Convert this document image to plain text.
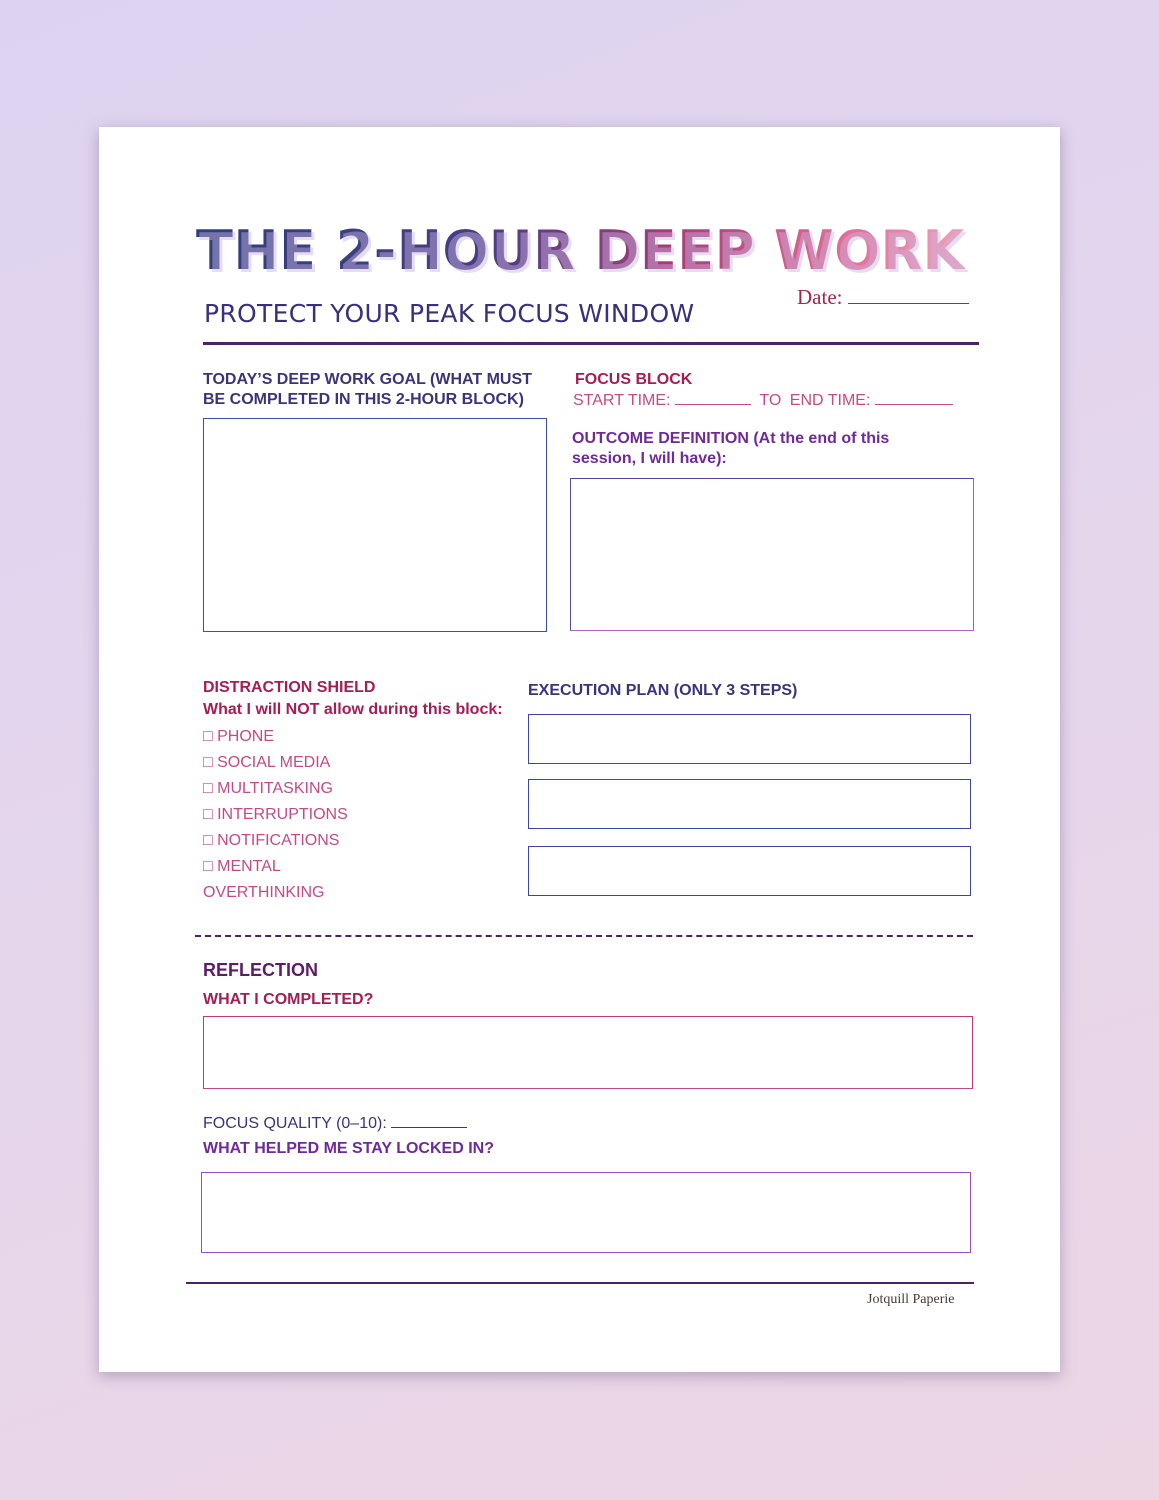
THE 2-HOUR DEEP WORK
PROTECT YOUR PEAK FOCUS WINDOW
Date:
TODAY’S DEEP WORK GOAL (WHAT MUST BE COMPLETED IN THIS 2-HOUR BLOCK)
FOCUS BLOCK
START TIME:	TO END TIME:
OUTCOME DEFINITION (At the end of this session, I will have):
DISTRACTION SHIELD
What I will NOT allow during this block:
□ PHONE
□ SOCIAL MEDIA
□ MULTITASKING
□ INTERRUPTIONS
□ NOTIFICATIONS
□ MENTAL
OVERTHINKING
EXECUTION PLAN (ONLY 3 STEPS)
REFLECTION
WHAT I COMPLETED?
FOCUS QUALITY (0–10):
WHAT HELPED ME STAY LOCKED IN?
Jotquill Paperie
